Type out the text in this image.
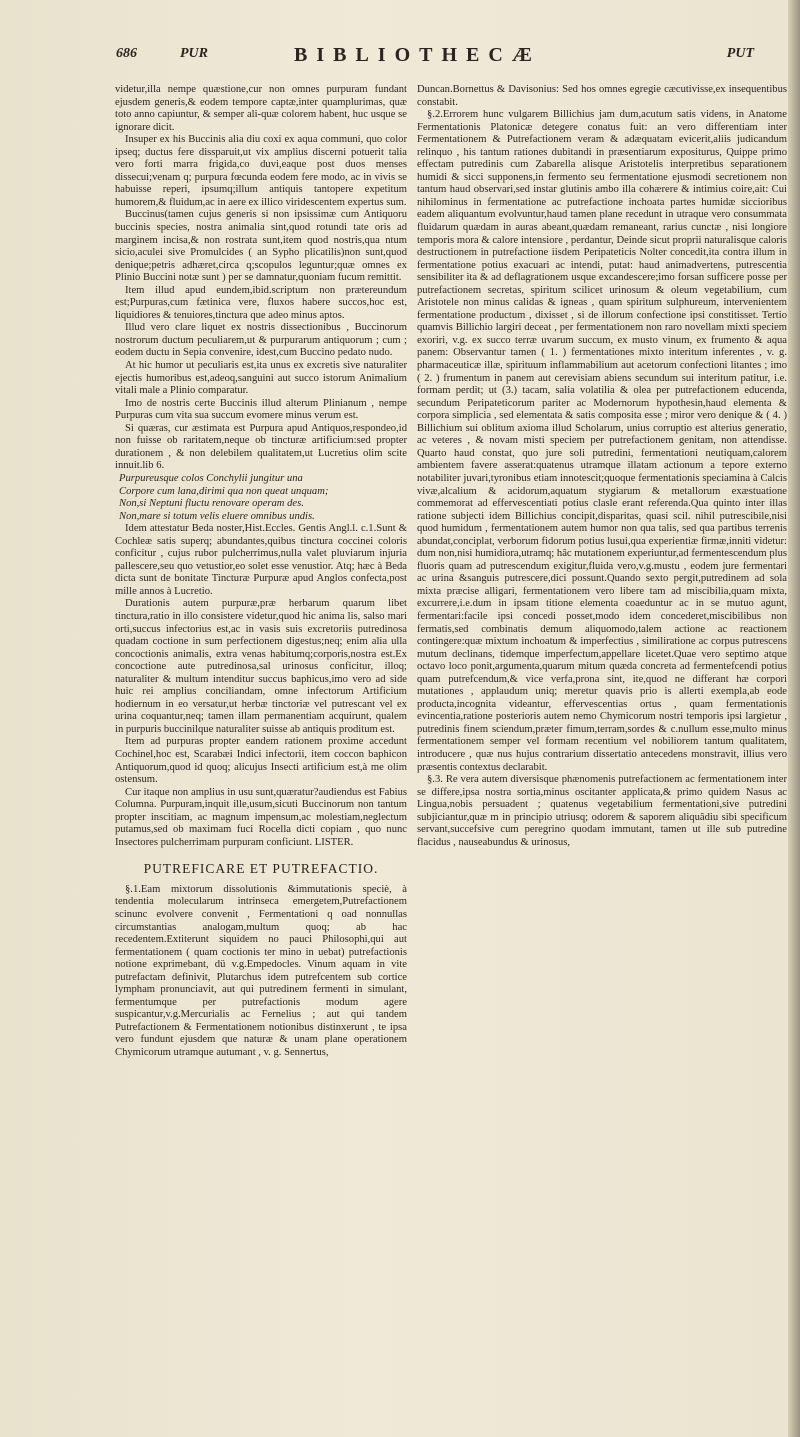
686	PUR	BIBLIOTHECÆ	PUT

videtur,illa nempe quæstione,cur non omnes purpuram fundant ejusdem generis,& eodem tempore captæ,inter quamplurimas, quæ toto anno capiuntur, & semper ali-quæ colorem habent, huc usque se ignorare dicit.

Insuper ex his Buccinis alia diu coxi ex aqua communi, quo color ipseq; ductus fere dissparuit,ut vix amplius discerni potuerit talia vero forti marra frigida,co duvi,eaque post duos menses dissecui;venam q; purpura fœcunda eodem fere modo, ac in vivis se habuisse reperi, ipsumq;illum antiquis tantopere expetitum humorem,& fluidum,ac in aere ex illico viridescentem expertus sum.

Buccinus(tamen cujus generis si non ipsissimæ cum Antiquoru buccinis species, nostra animalia sint,quod rotundi tate oris ad marginem incisa,& non rostrata sunt,item quod nostris,qua ntum sicio,aculei sive Promulcides ( an Sypho plicatilis)non sunt,quod denique;petris adhæret,circa q;scopulos leguntur;quæ omnes ex Plinio Buccini notæ sunt ) per se damnatur,quoniam fucum remittit.

Item illud apud eundem,ibid.scriptum non prætereundum est;Purpuras,cum fætinica vere, fluxos habere succos,hoc est, liquidiores & tenuiores,tinctura que adeo minus aptos.

Illud vero clare liquet ex nostris dissectionibus , Buccinorum nostrorum ductum peculiarem,ut & purpurarum antiquorum ; cum ; eodem ductu in Sepia convenire, idest,cum Buccino pedato nudo.

At hic humor ut peculiaris est,ita unus ex excretis sive naturaliter ejectis humoribus est,adeoq,sanguini aut succo istorum Animalium vitali male a Plinio comparatur.

Imo de nostris certe Buccinis illud alterum Plinianum , nempe Purpuras cum vita sua succum evomere minus verum est.

Si quæras, cur æstimata est Purpura apud Antiquos,respondeo,id non fuisse ob raritatem,neque ob tincturæ artificium:sed propter durationem , & non delebilem qualitatem,ut Lucretius olim scite innuit.lib 6.

Purpureusque colos Conchylii jungitur una

Corpore cum lana,dirimi qua non queat unquam;

Non,si Neptuni fluctu renovare operam des.

Non,mare si totum velis eluere omnibus undis.

Idem attestatur Beda noster,Hist.Eccles. Gentis Angl.l. c.1.Sunt & Cochleæ satis superq; abundantes,quibus tinctura coccinei coloris conficitur , cujus rubor pulcherrimus,nulla valet pluviarum injuria pallescere,seu quo vetustior,eo solet esse venustior. Atq; hæc à Beda dicta sunt de bonitate Tincturæ Purpuræ apud Anglos confecta,post mille annos à Lucretio.

Durationis autem purpuræ,præ herbarum quarum libet tinctura,ratio in illo consistere videtur,quod hic anima lis, salso mari orti,succus infectorius est,ac in vasis suis excretoriis putredinosa quadam coctione in sum perfectionem digestus;neq; enim alia ulla concoctionis animalis, extra venas habitumq;corporis,nostra est.Ex concoctione aute putredinosa,sal urinosus conficitur, illoq; naturaliter & multum intenditur succus baphicus,imo vero ad side huic rei amplius conciliandam, omne infectorum Artificium hodiernum in eo versatur,ut herbæ tinctoriæ vel putrescant vel ex urina coquantur,neq; tamen illam permanentiam acquirunt, qualem in purpuris buccinilque naturaliter suisse ab antiquis proditum est.

Item ad purpuras propter eandem rationem proxime accedunt Cochinel,hoc est, Scarabæi Indici infectorii, item coccon baphicon Antiquorum,quod id quoq; alicujus Insecti artificium est,à me olim ostensum.

Cur itaque non amplius in usu sunt,quæratur?audiendus est Fabius Columna. Purpuram,inquit ille,usum,sicuti Buccinorum non tantum propter inscitiam, ac magnum impensum,ac molestiam,neglectum putamus,sed ob maximam fuci Rocella dicti copiam , quo nunc Insectores pulcherrimam purpuram conficiunt. LISTER.

PUTREFICARE ET PUTREFACTIO.

§.1.Eam mixtorum dissolutionis &immutationis speciè, à tendentia molecularum intrinseca emergetem,Putrefactionem scinunc evolvere convenit , Fermentationi q oad nonnullas circumstantias analogam,multum quoq; ab hac recedentem.Extiterunt siquidem no pauci Philosophi,qui aut fermentationem ( quam coctionis ter mino in uebat) putrefactionis notione exprimebant, dü v.g.Empedocles. Vinum aquam in vite putrefactam definivit, Plutarchus idem putrefcentem sub cortice lympham pronunciavit, aut qui putredinem fermenti in simulant, fermentumque per putrefactionis modum agere suspicantur,v.g.Mercurialis ac Fernelius ; aut qui tandem Putrefactionem & Fermentationem notionibus distinxerunt , te ipsa vero fundunt ejusdem que naturæ & unam plane operationem Chymicorum utramque autumant , v. g. Sennertus,

Duncan.Bornettus & Davisonius: Sed hos omnes egregie cæcutivisse,ex insequentibus constabit.

§.2.Errorem hunc vulgarem Billichius jam dum,acutum satis videns, in Anatome Fermentationis Platonicæ detegere conatus fuit: an vero differentiam inter Fermentationem & Putrefactionem veram & adæquatam evicerit,aliis judicandum relinquo , his tantum rationes dubitandi in præsentiarum expositurus, Quippe primo effectam putredinis cum Zabarella alisque Aristotelis interpretibus separationem humidi & sicci supponens,in fermento seu fermentatione ejusmodi secretionem non tantum haud observari,sed instar glutinis ambo illa cohærere & intimius coire,ait: Cui nihilominus in fermentatione ac putrefactione inchoata partes humidæ siccioribus eadem aliquantum evolvuntur,haud tamen plane recedunt in utraque vero consummata fluidarum quædam in auras abeant,quædam remaneant, rarius cunctæ , nisi longiore temporis mora & calore intensiore , perdantur, Deinde sicut proprii naturalisque caloris destructionem in putrefactione iisdem Peripateticis Nolter concedit,ita contra illum in fermentatione potius exacuari ac intendi, putat: haud animadvertens, putrescentia sensibiliter ita & ad deflagrationem usque excandescere;imo forsan sufficere posse per putrefactionem secretas, spiritum scilicet urinosum & oleum vegetabilium, cum Aristotele non minus calidas & igneas , quam spiritum sulphureum, intervenientem fermentatione productum , dixisset , si de illorum confectione ipsi constitisset. Tertio quamvis Billichio largiri deceat , per fermentationem non raro novellam mixti speciem exoriri, v.g. ex succo terræ uvarum succum, ex musto vinum, ex frumento & aqua panem: Observantur tamen ( 1. ) fermentationes mixto interitum inferentes , v. g. pharmaceuticæ illæ, spirituum inflammabilium aut acetorum confectioni litantes ; imo ( 2. ) frumentum in panem aut cerevisiam abiens secundum sui interitum patitur, i.e. formam perdit; ut (3.) tacam, salia volatilia & olea per putrefactionem educenda, secundum Peripateticorum pariter ac Modernorum hypothesin,haud elementa & corpora simplicia , sed elementata & satis composita esse ; miror vero denique & ( 4. ) Billichium sui oblitum axioma illud Scholarum, unius corruptio est alterius generatio, ac veteres , & novam misti speciem per putrefactionem genitam, non attendisse. Quarto haud constat, quo jure soli putredini, fermentationi neutiquam,calorem ambientem favere asserat:quatenus utramque illatam actionum a tepore externo notabiliter juvari,tyronibus etiam innotescit;quoque fermentationis speciamina à Calcis vivæ,alcalium & acidorum,aquatum stygiarum & metallorum exæstuatione commemorat ad effervescentiati potius clasle erant referenda.Qua quinto inter illas ratione subjecti idem Billichius concipit,disparitas, quasi scil. nihil putrescibile,nisi quod humidum , fermentationem autem humor non qua talis, sed qua partibus terrenis abundat,conciplat, verborum fidorum potius lusui,qua experientiæ firmæ,inniti videtur: dum non,nisi humidiora,utramq; hâc mutationem experiuntur,ad fermentescendum plus fluoris quam ad putrescendum exigitur,fluida vero,v.g.mustu , eodem jure fermentari ac urina &sanguis putrescere,dici possunt.Quando sexto pergit,putredinem ad sola mixta præcise alligari, fermentationem vero libere tam ad miscibilia,quam mixta, excurrere,i.e.dum in ipsam titione elementa coaeduntur ac in se mutuo agunt, fermentari:facile ipsi concedi posset,modo idem concederet,miscibilibus non fermatis,sed combinatis demum aliquomodo,talem actione ac reactionem contingere:quæ mixtum inchoatum & imperfectius , similiratione ac corpus putrescens mutum declinans, tidemque imperfectum,appellare licetet.Quae vero septimo atque octavo loco ponit,argumenta,quarum mitum quæda concreta ad fermentefcendi potius quam putrefcendum,& vice verfa,prona sint, ite,quod ne differant hæ corpori mutationes , applaudum uniq; meretur quavis prio is allerti exempla,ab eode producta,incognita videantur, effervescentias ortus , quam fermentationis evincentia,ratione posterioris autem nemo Chymicorum nostri temporis ipsi largietur , putredinis finem sciendum,præter fimum,terram,sordes & c.nullum esse,multo minus fermentationem semper vel formam recentium vel nobiliorem tantum qualitatem, introducere , quæ nus hujus contrarium dissertatio antecedens monstravit, illius vero præsentis contextus declarabit.

§.3. Re vera autem diversisque phænomenis putrefactionem ac fermentationem inter se differe,ipsa nostra sortia,minus oscitanter applicata,& primo quidem Nasus ac Lingua,nobis persuadent ; quatenus vegetabilium fermentationi,sive putredini subjiciantur,quæ m in principio utriusq; odorem & saporem aliquâdiu sibi specificum servant,succefsive cum peregrino quodam immutant, tamen ut ille sub putredine flacidus , nauseabundus & urinosus,
